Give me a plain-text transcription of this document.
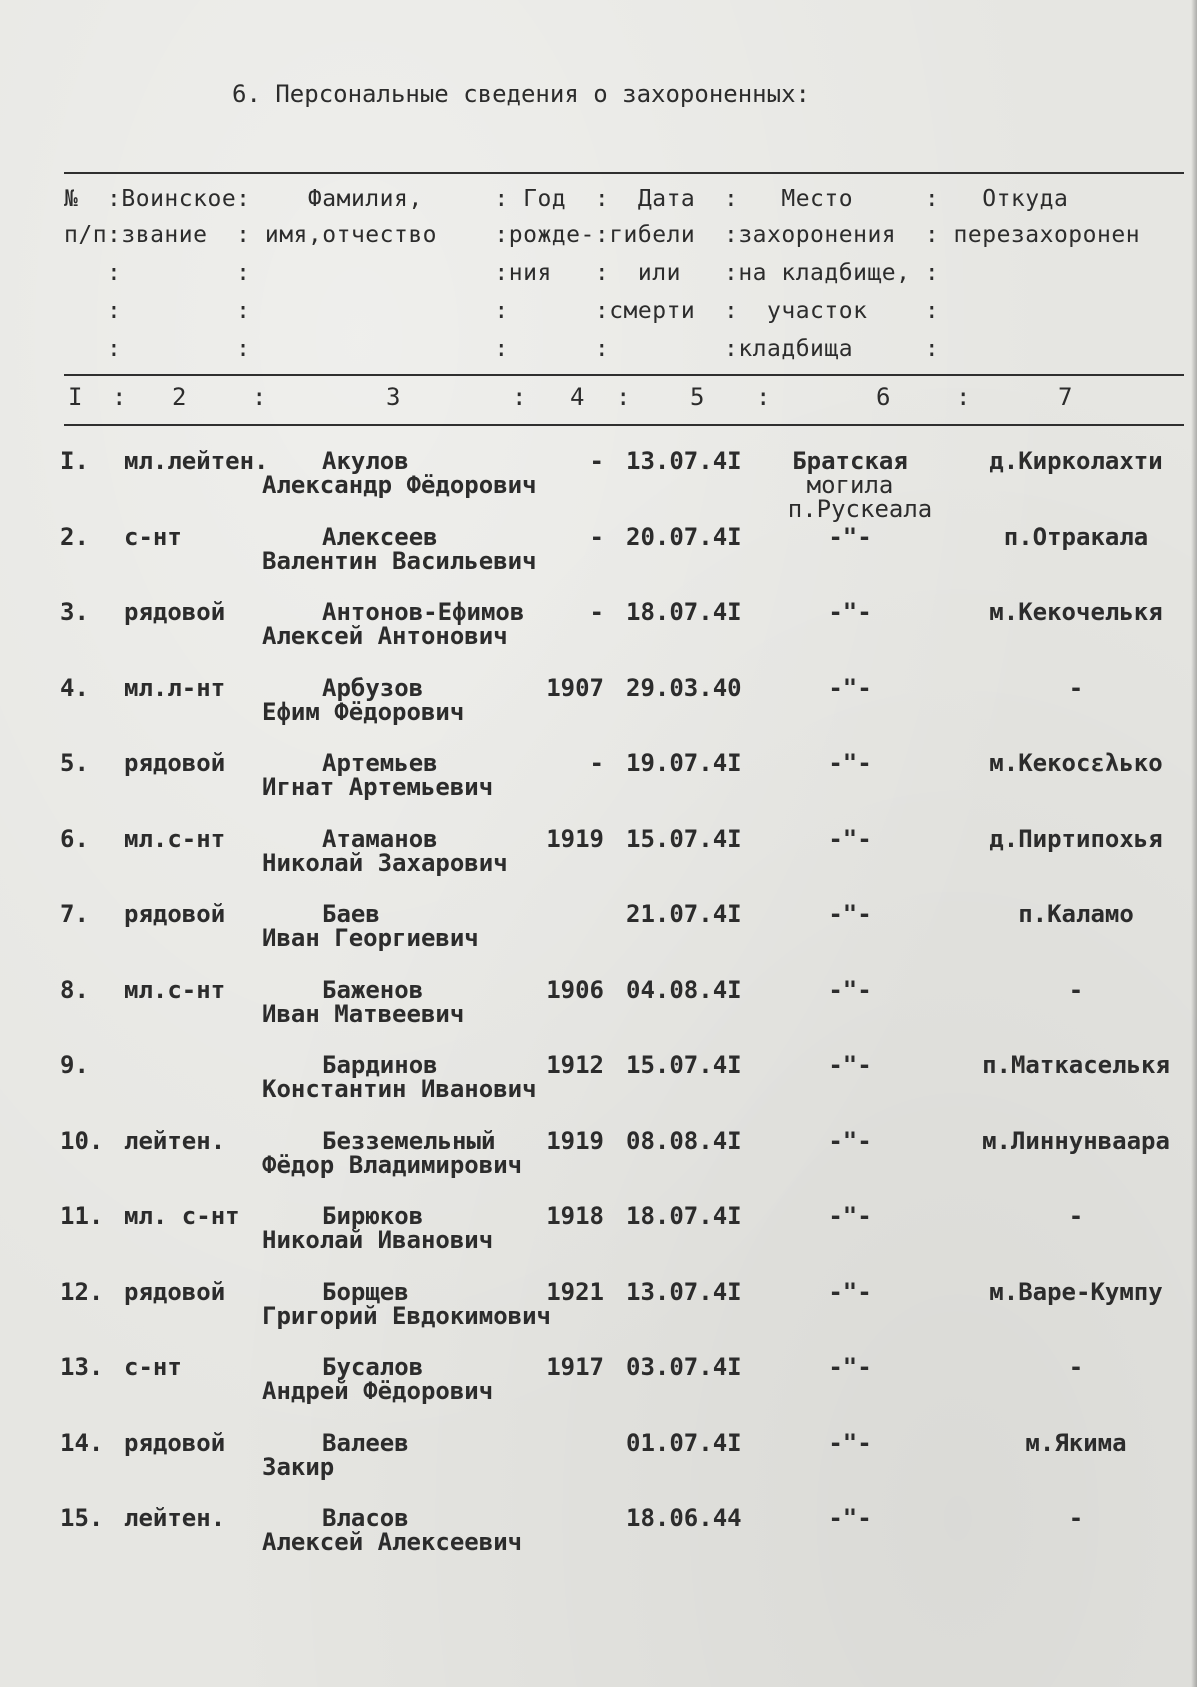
6. Персональные сведения о захороненных:
№  :Воинское:    Фамилия,     : Год  :  Дата  :   Место     :   Откуда
п/п:звание  : имя,отчество    :рожде-:гибели  :захоронения  : перезахоронен
:        :                 :ния   :  или   :на кладбище, :
:        :                 :      :смерти  :  участок    :
:        :                 :      :        :кладбища     :
I : 2	:	3	: 4 : 5 :	6	:	7
I. мл.лейтен. Акулов
Александр Фёдорович
- 13.07.4I	Братская	д.Кирколахти
могила
п.Рускеала
2. с-нт	Алексеев
Валентин Васильевич
- 20.07.4I	-"-	п.Отракала
3. рядовой	Антонов-Ефимов
Алексей Антонович
- 18.07.4I	-"-	м.Кекочелькя
4. мл.л-нт	Арбузов
Ефим Фёдорович
1907 29.03.40	-"-	-
5. рядовой	Артемьев
Игнат Артемьевич
- 19.07.4I	-"-	м.Кекосελько
6. мл.с-нт	Атаманов
Николай Захарович
1919 15.07.4I	-"-	д.Пиртипохья
7. рядовой	Баев
Иван Георгиевич
21.07.4I	-"-	п.Каламо
8. мл.с-нт	Баженов
Иван Матвеевич
1906 04.08.4I	-"-	-
9.	Бардинов
Константин Иванович
1912 15.07.4I	-"-	п.Маткаселькя
10. лейтен.	Безземельный
Фёдор Владимирович
1919 08.08.4I	-"-	м.Линнунваара
11. мл. с-нт	Бирюков
Николай Иванович
1918 18.07.4I	-"-	-
12. рядовой	Борщев
Григорий Евдокимович
1921 13.07.4I	-"-	м.Варе-Кумпу
13. с-нт	Бусалов
Андрей Фёдорович
1917 03.07.4I	-"-	-
14. рядовой	Валеев
Закир
01.07.4I	-"-	м.Якима
15. лейтен.	Власов
Алексей Алексеевич
18.06.44	-"-	-
